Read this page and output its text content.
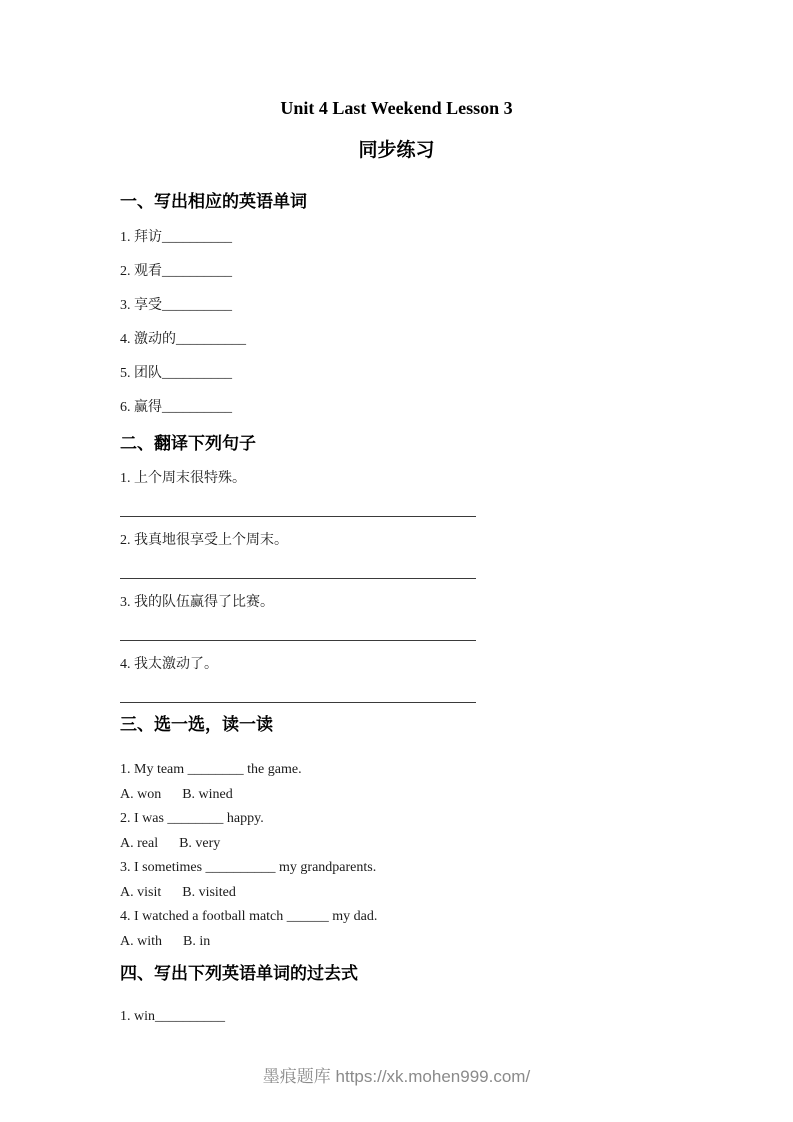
Unit 4 Last Weekend Lesson 3
同步练习
一、写出相应的英语单词
1. 拜访__________
2. 观看__________
3. 享受__________
4. 激动的__________
5. 团队__________
6. 赢得__________
二、翻译下列句子
1. 上个周末很特殊。
2. 我真地很享受上个周末。
3. 我的队伍赢得了比赛。
4. 我太激动了。
三、选一选，读一读
1. My team ________ the game.
A. won      B. wined
2. I was ________ happy.
A. real      B. very
3. I sometimes __________ my grandparents.
A. visit      B. visited
4. I watched a football match ______ my dad.
A. with      B. in
四、写出下列英语单词的过去式
1. win__________
墨痕题库 https://xk.mohen999.com/
